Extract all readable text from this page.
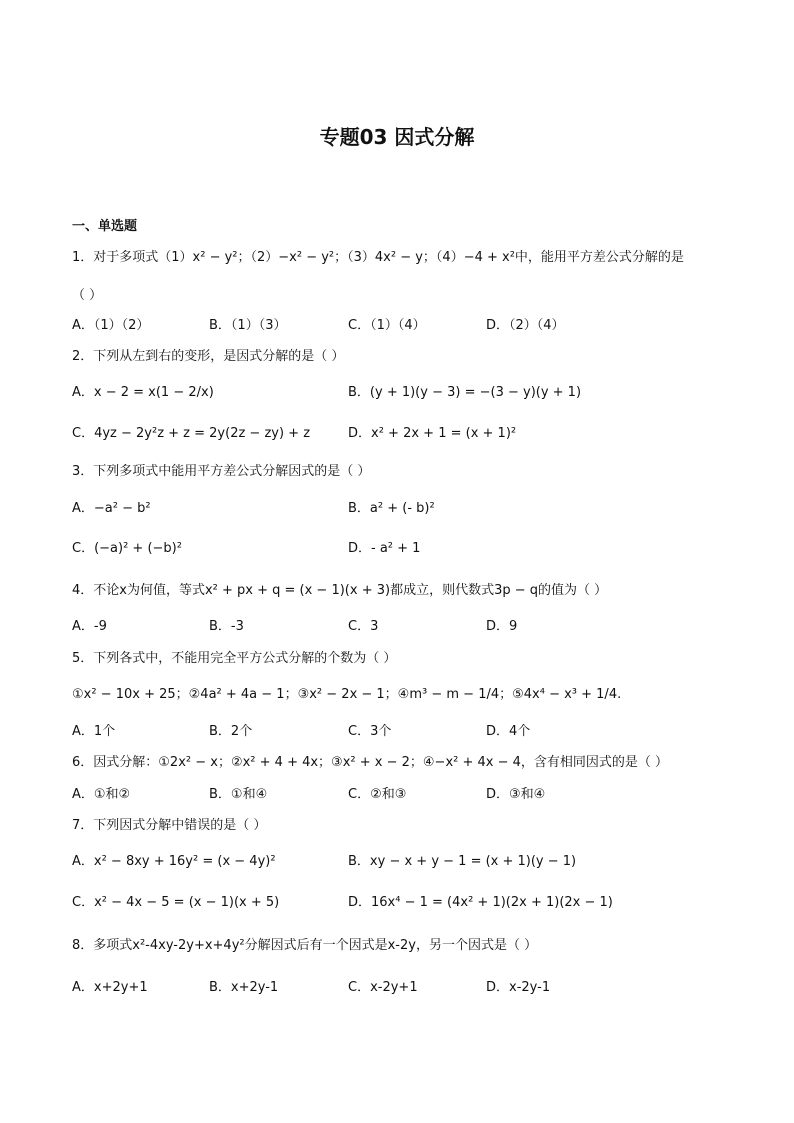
专题03 因式分解
一、单选题
1．对于多项式（1）x² − y²；（2）−x² − y²；（3）4x² − y；（4）−4 + x²中，能用平方差公式分解的是
（ ）
A．（1）（2）	B．（1）（3）	C．（1）（4）	D．（2）（4）
2．下列从左到右的变形，是因式分解的是（ ）
A．x − 2 = x(1 − 2/x)	B．(y + 1)(y − 3) = −(3 − y)(y + 1)
C．4yz − 2y²z + z = 2y(2z − zy) + z	D．x² + 2x + 1 = (x + 1)²
3．下列多项式中能用平方差公式分解因式的是（ ）
A．−a² − b²	B．a² + (- b)²
C．(−a)² + (−b)²	D．- a² + 1
4．不论x为何值，等式x² + px + q = (x − 1)(x + 3)都成立，则代数式3p − q的值为（ ）
A．-9	B．-3	C．3	D．9
5．下列各式中，不能用完全平方公式分解的个数为（ ）
①x² − 10x + 25；②4a² + 4a − 1；③x² − 2x − 1；④m³ − m − 1/4；⑤4x⁴ − x³ + 1/4.
A．1个	B．2个	C．3个	D．4个
6．因式分解：①2x² − x；②x² + 4 + 4x；③x² + x − 2；④−x² + 4x − 4，含有相同因式的是（ ）
A．①和②	B．①和④	C．②和③	D．③和④
7．下列因式分解中错误的是（ ）
A．x² − 8xy + 16y² = (x − 4y)²	B．xy − x + y − 1 = (x + 1)(y − 1)
C．x² − 4x − 5 = (x − 1)(x + 5)	D．16x⁴ − 1 = (4x² + 1)(2x + 1)(2x − 1)
8．多项式x²-4xy-2y+x+4y²分解因式后有一个因式是x-2y，另一个因式是（ ）
A．x+2y+1	B．x+2y-1	C．x-2y+1	D．x-2y-1
